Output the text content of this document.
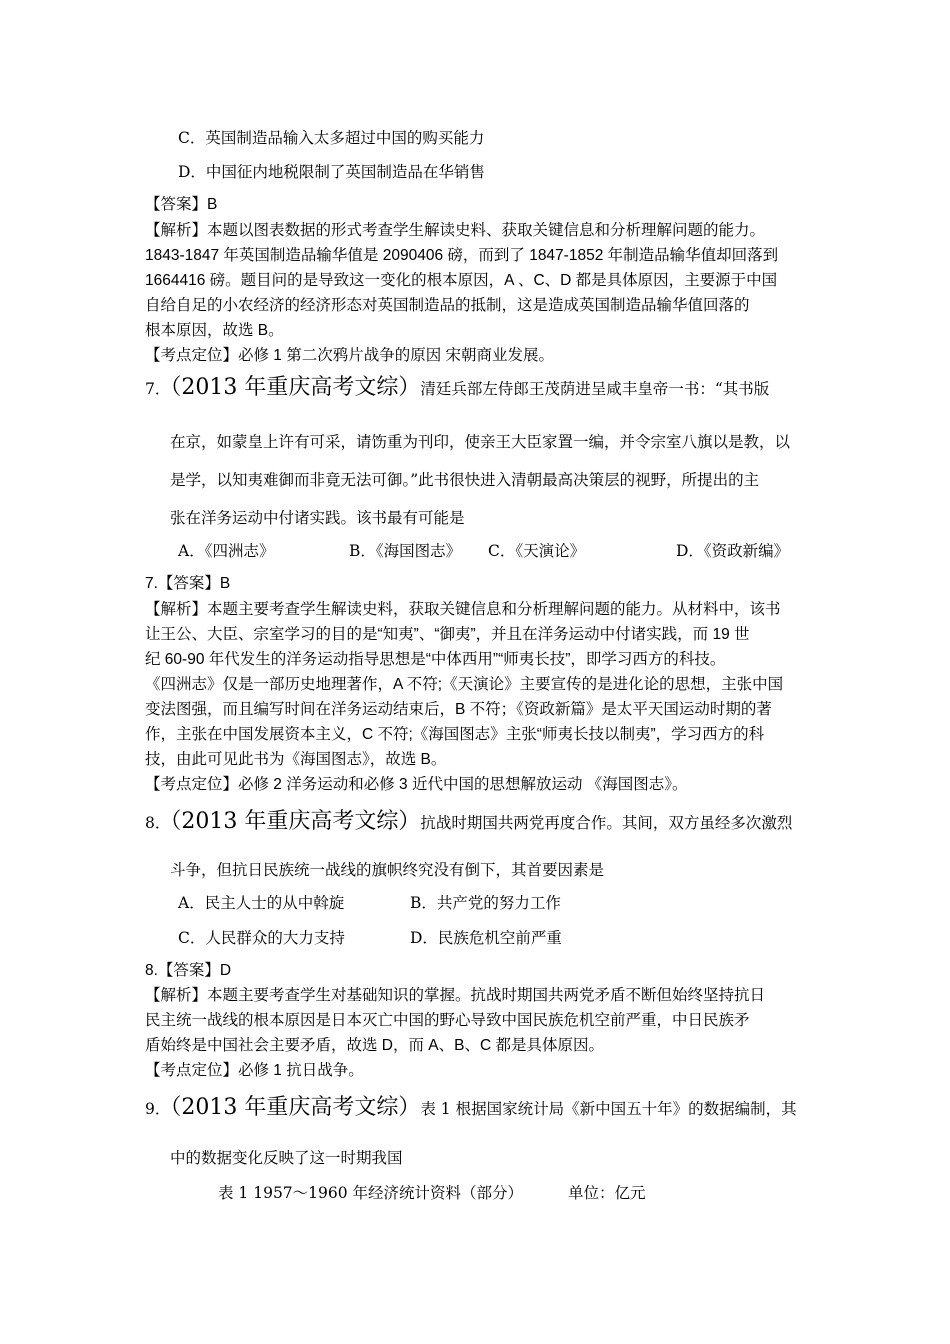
C．英国制造品输入太多超过中国的购买能力
D．中国征内地税限制了英国制造品在华销售
【答案】B
【解析】本题以图表数据的形式考查学生解读史料、获取关键信息和分析理解问题的能力。
1843-1847 年英国制造品输华值是 2090406 磅，而到了 1847-1852 年制造品输华值却回落到
1664416 磅。题目问的是导致这一变化的根本原因，A 、C、D 都是具体原因，主要源于中国
自给自足的小农经济的经济形态对英国制造品的抵制，这是造成英国制造品输华值回落的
根本原因，故选 B。
【考点定位】必修 1 第二次鸦片战争的原因 宋朝商业发展。
7．（2013 年重庆高考文综）清廷兵部左侍郎王茂荫进呈咸丰皇帝一书：“其书版
在京，如蒙皇上许有可采，请饬重为刊印，使亲王大臣家置一编，并令宗室八旗以是教，以
是学，以知夷难御而非竟无法可御。”此书很快进入清朝最高决策层的视野，所提出的主
张在洋务运动中付诸实践。该书最有可能是
A．《四洲志》	B．《海国图志》 C．《天演论》	D．《资政新编》
7.【答案】B
【解析】本题主要考查学生解读史料，获取关键信息和分析理解问题的能力。从材料中，该书
让王公、大臣、宗室学习的目的是“知夷”、“御夷”，并且在洋务运动中付诸实践，而 19 世
纪 60-90 年代发生的洋务运动指导思想是“中体西用”“师夷长技”，即学习西方的科技。
《四洲志》仅是一部历史地理著作，A 不符;《天演论》主要宣传的是进化论的思想，主张中国
变法图强，而且编写时间在洋务运动结束后，B 不符；《资政新篇》是太平天国运动时期的著
作，主张在中国发展资本主义，C 不符;《海国图志》主张“师夷长技以制夷”，学习西方的科
技，由此可见此书为《海国图志》，故选 B。
【考点定位】必修 2 洋务运动和必修 3 近代中国的思想解放运动 《海国图志》。
8．（2013 年重庆高考文综）抗战时期国共两党再度合作。其间，双方虽经多次激烈
斗争，但抗日民族统一战线的旗帜终究没有倒下，其首要因素是
A．民主人士的从中斡旋	B．共产党的努力工作
C．人民群众的大力支持	D．民族危机空前严重
8.【答案】D
【解析】本题主要考查学生对基础知识的掌握。抗战时期国共两党矛盾不断但始终坚持抗日
民主统一战线的根本原因是日本灭亡中国的野心导致中国民族危机空前严重，中日民族矛
盾始终是中国社会主要矛盾，故选 D，而 A、B、C 都是具体原因。
【考点定位】必修 1 抗日战争。
9．（2013 年重庆高考文综）表 1 根据国家统计局《新中国五十年》的数据编制，其
中的数据变化反映了这一时期我国
表 1 1957～1960 年经济统计资料（部分）	单位：亿元
